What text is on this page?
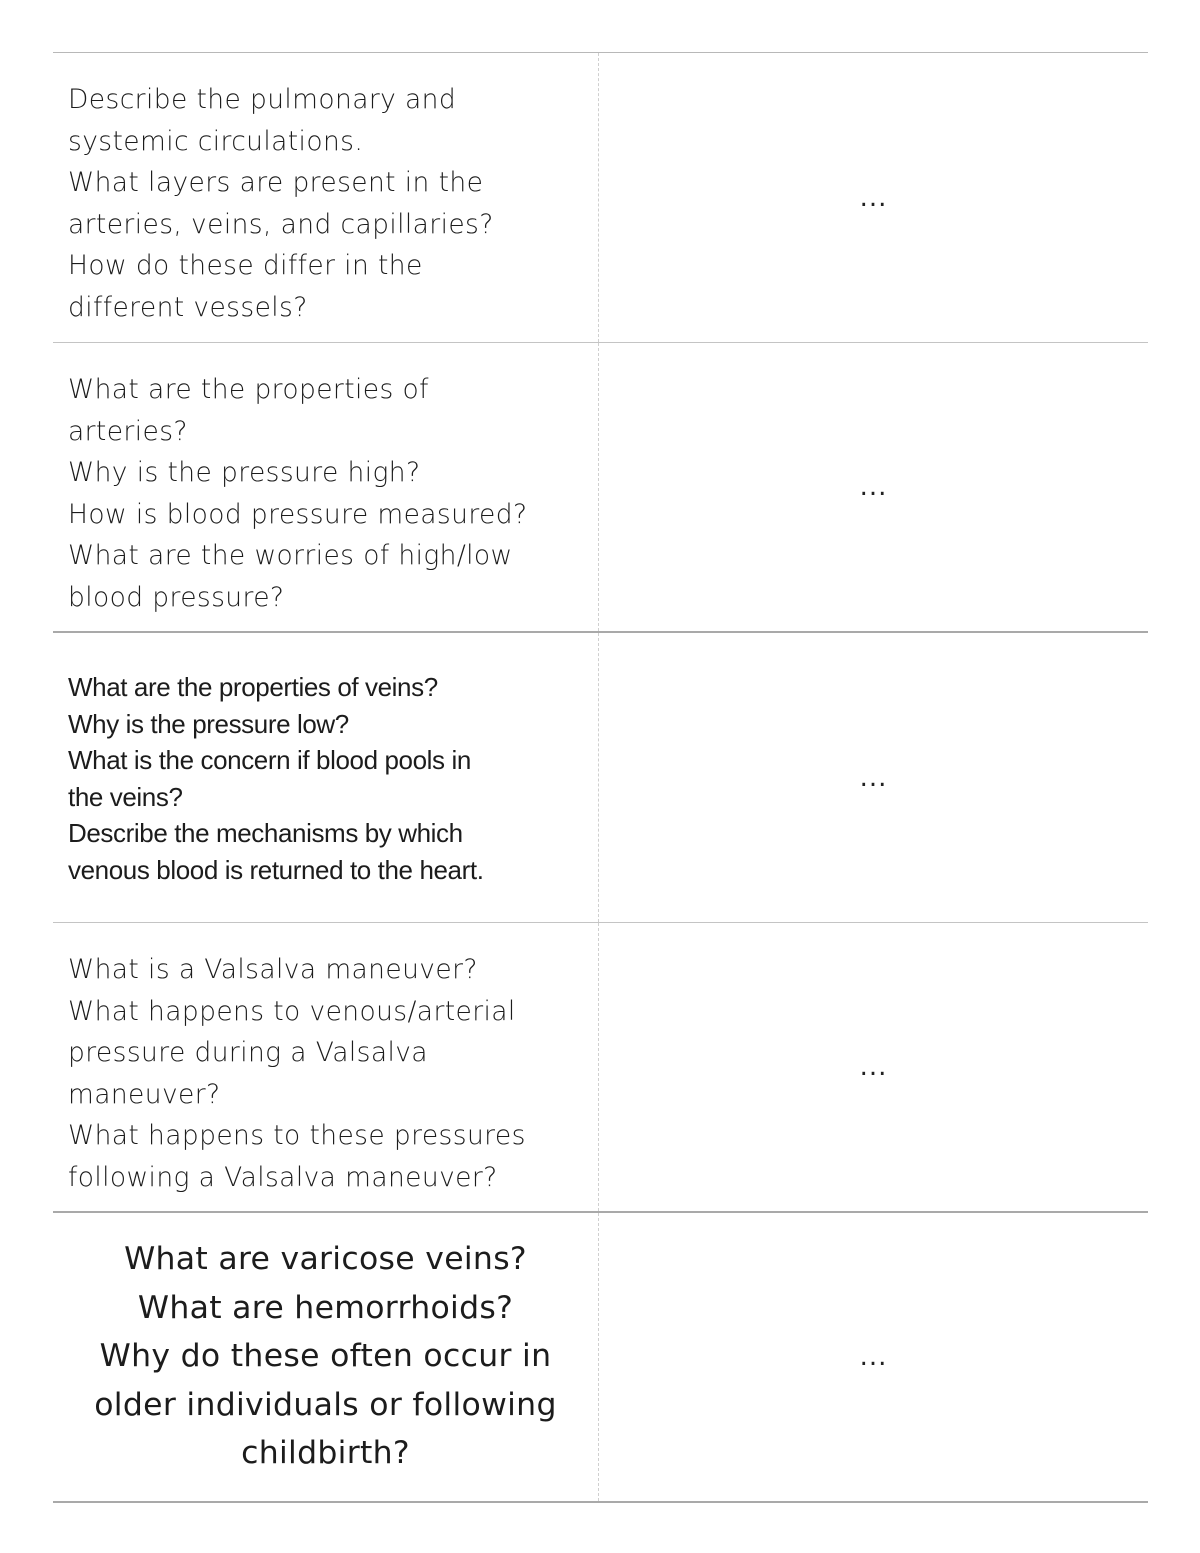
Describe the pulmonary and
systemic circulations.
What layers are present in the
arteries, veins, and capillaries?
How do these differ in the
different vessels?
...
What are the properties of
arteries?
Why is the pressure high?
How is blood pressure measured?
What are the worries of high/low
blood pressure?
...
What are the properties of veins?
Why is the pressure low?
What is the concern if blood pools in
the veins?
Describe the mechanisms by which
venous blood is returned to the heart.
...
What is a Valsalva maneuver?
What happens to venous/arterial
pressure during a Valsalva
maneuver?
What happens to these pressures
following a Valsalva maneuver?
...
What are varicose veins?
What are hemorrhoids?
Why do these often occur in
older individuals or following
childbirth?
...
